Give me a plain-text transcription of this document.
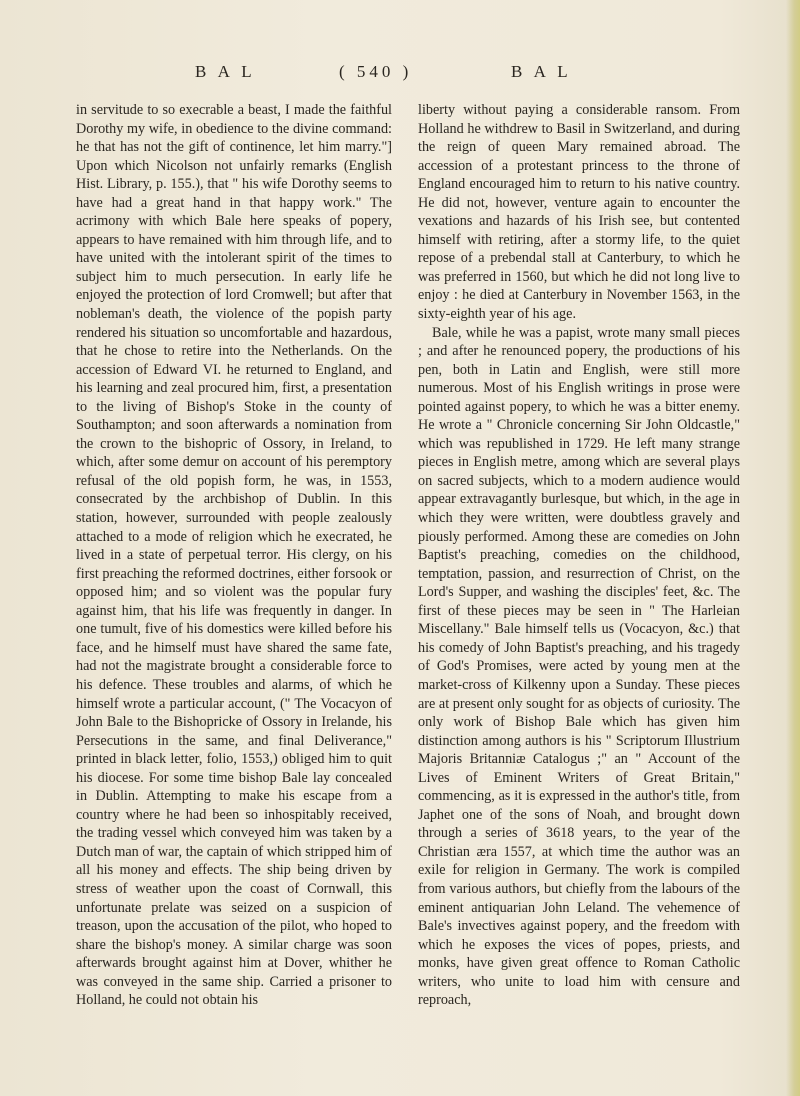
B A L	( 540 )	B A L

in servitude to so execrable a beast, I made the faithful Dorothy my wife, in obedience to the divine command: he that has not the gift of continence, let him marry."] Upon which Nicolson not unfairly remarks (English Hist. Library, p. 155.), that " his wife Dorothy seems to have had a great hand in that happy work." The acrimony with which Bale here speaks of popery, appears to have remained with him through life, and to have united with the intolerant spirit of the times to subject him to much persecution. In early life he enjoyed the protection of lord Cromwell; but after that nobleman's death, the violence of the popish party rendered his situation so uncomfortable and hazardous, that he chose to retire into the Netherlands. On the accession of Edward VI. he returned to England, and his learning and zeal procured him, first, a presentation to the living of Bishop's Stoke in the county of Southampton; and soon afterwards a nomination from the crown to the bishopric of Ossory, in Ireland, to which, after some demur on account of his peremptory refusal of the old popish form, he was, in 1553, consecrated by the archbishop of Dublin. In this station, however, surrounded with people zealously attached to a mode of religion which he execrated, he lived in a state of perpetual terror. His clergy, on his first preaching the reformed doctrines, either forsook or opposed him; and so violent was the popular fury against him, that his life was frequently in danger. In one tumult, five of his domestics were killed before his face, and he himself must have shared the same fate, had not the magistrate brought a considerable force to his defence. These troubles and alarms, of which he himself wrote a particular account, (" The Vocacyon of John Bale to the Bishopricke of Ossory in Irelande, his Persecutions in the same, and final Deliverance," printed in black letter, folio, 1553,) obliged him to quit his diocese. For some time bishop Bale lay concealed in Dublin. Attempting to make his escape from a country where he had been so inhospitably received, the trading vessel which conveyed him was taken by a Dutch man of war, the captain of which stripped him of all his money and effects. The ship being driven by stress of weather upon the coast of Cornwall, this unfortunate prelate was seized on a suspicion of treason, upon the accusation of the pilot, who hoped to share the bishop's money. A similar charge was soon afterwards brought against him at Dover, whither he was conveyed in the same ship. Carried a prisoner to Holland, he could not obtain his

liberty without paying a considerable ransom. From Holland he withdrew to Basil in Switzerland, and during the reign of queen Mary remained abroad. The accession of a protestant princess to the throne of England encouraged him to return to his native country. He did not, however, venture again to encounter the vexations and hazards of his Irish see, but contented himself with retiring, after a stormy life, to the quiet repose of a prebendal stall at Canterbury, to which he was preferred in 1560, but which he did not long live to enjoy : he died at Canterbury in November 1563, in the sixty-eighth year of his age.

Bale, while he was a papist, wrote many small pieces ; and after he renounced popery, the productions of his pen, both in Latin and English, were still more numerous. Most of his English writings in prose were pointed against popery, to which he was a bitter enemy. He wrote a " Chronicle concerning Sir John Oldcastle," which was republished in 1729. He left many strange pieces in English metre, among which are several plays on sacred subjects, which to a modern audience would appear extravagantly burlesque, but which, in the age in which they were written, were doubtless gravely and piously performed. Among these are comedies on John Baptist's preaching, comedies on the childhood, temptation, passion, and resurrection of Christ, on the Lord's Supper, and washing the disciples' feet, &c. The first of these pieces may be seen in " The Harleian Miscellany." Bale himself tells us (Vocacyon, &c.) that his comedy of John Baptist's preaching, and his tragedy of God's Promises, were acted by young men at the market-cross of Kilkenny upon a Sunday. These pieces are at present only sought for as objects of curiosity. The only work of Bishop Bale which has given him distinction among authors is his " Scriptorum Illustrium Majoris Britanniæ Catalogus ;" an " Account of the Lives of Eminent Writers of Great Britain," commencing, as it is expressed in the author's title, from Japhet one of the sons of Noah, and brought down through a series of 3618 years, to the year of the Christian æra 1557, at which time the author was an exile for religion in Germany. The work is compiled from various authors, but chiefly from the labours of the eminent antiquarian John Leland. The vehemence of Bale's invectives against popery, and the freedom with which he exposes the vices of popes, priests, and monks, have given great offence to Roman Catholic writers, who unite to load him with censure and reproach,
